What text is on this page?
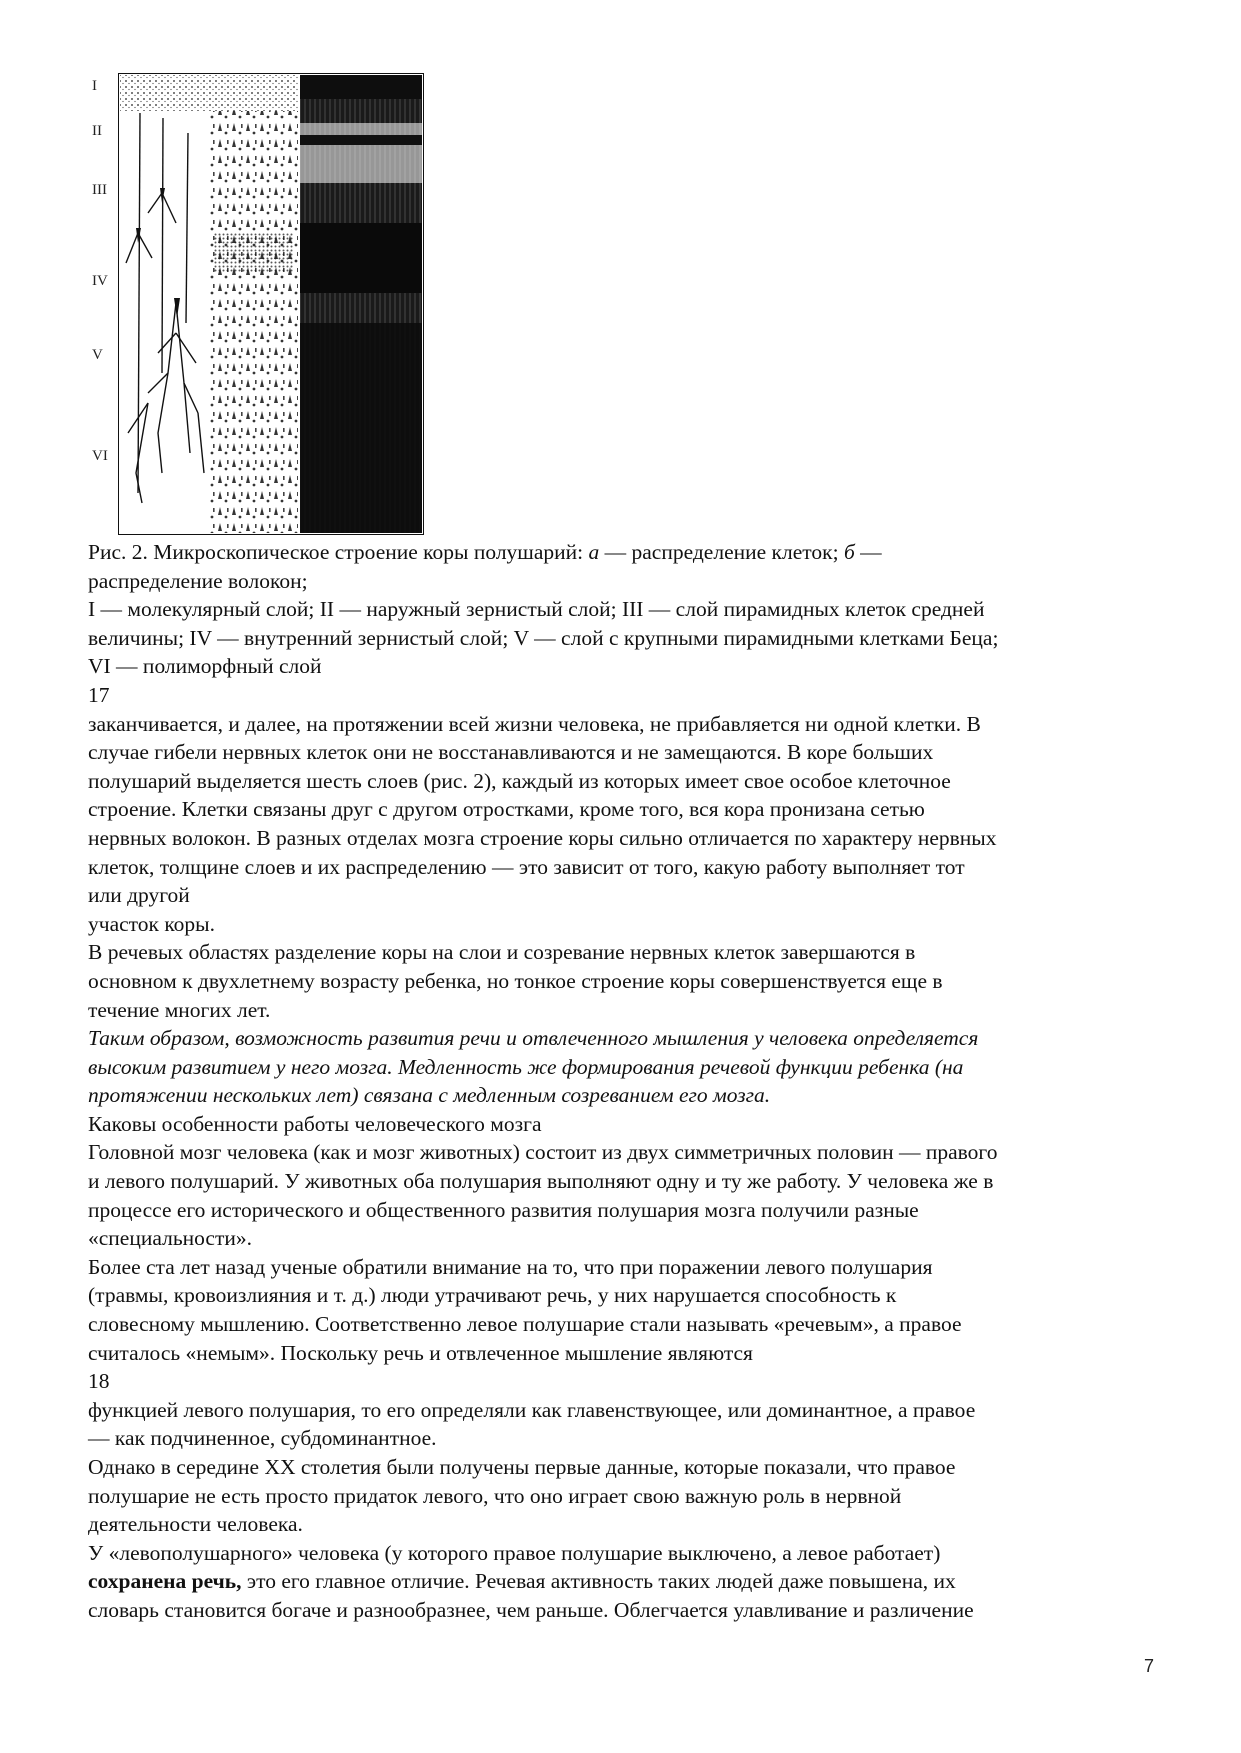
I
II
III
IV
V
VI

Рис. 2. Микроскопическое строение коры полушарий: а — распределение клеток; б —
распределение волокон;
I — молекулярный слой; II — наружный зернистый слой; III — слой пирамидных клеток средней
величины; IV — внутренний зернистый слой; V — слой с крупными пирамидными клетками Беца;
VI — полиморфный слой

17

заканчивается, и далее, на протяжении всей жизни человека, не прибавляется ни одной клетки. В
случае гибели нервных клеток они не восстанавливаются и не замещаются. В коре больших
полушарий выделяется шесть слоев (рис. 2), каждый из которых имеет свое особое клеточное
строение. Клетки связаны друг с другом отростками, кроме того, вся кора пронизана сетью
нервных волокон. В разных отделах мозга строение коры сильно отличается по характеру нервных
клеток, толщине слоев и их распределению — это зависит от того, какую работу выполняет тот
или другой

участок коры.

В речевых областях разделение коры на слои и созревание нервных клеток завершаются в
основном к двухлетнему возрасту ребенка, но тонкое строение коры совершенствуется еще в
течение многих лет.

Таким образом, возможность развития речи и отвлеченного мышления у человека определяется
высоким развитием у него мозга. Медленность же формирования речевой функции ребенка (на
протяжении нескольких лет) связана с медленным созреванием его мозга.

Каковы особенности работы человеческого мозга

Головной мозг человека (как и мозг животных) состоит из двух симметричных половин — правого
и левого полушарий. У животных оба полушария выполняют одну и ту же работу. У человека же в
процессе его исторического и общественного развития полушария мозга получили разные
«специальности».

Более ста лет назад ученые обратили внимание на то, что при поражении левого полушария
(травмы, кровоизлияния и т. д.) люди утрачивают речь, у них нарушается способность к
словесному мышлению. Соответственно левое полушарие стали называть «речевым», а правое
считалось «немым». Поскольку речь и отвлеченное мышление являются

18

функцией левого полушария, то его определяли как главенствующее, или доминантное, а правое
— как подчиненное, субдоминантное.

Однако в середине XX столетия были получены первые данные, которые показали, что правое
полушарие не есть просто придаток левого, что оно играет свою важную роль в нервной
деятельности человека.

У «левополушарного» человека (у которого правое полушарие выключено, а левое работает)
сохранена речь, это его главное отличие. Речевая активность таких людей даже повышена, их
словарь становится богаче и разнообразнее, чем раньше. Облегчается улавливание и различение

7
